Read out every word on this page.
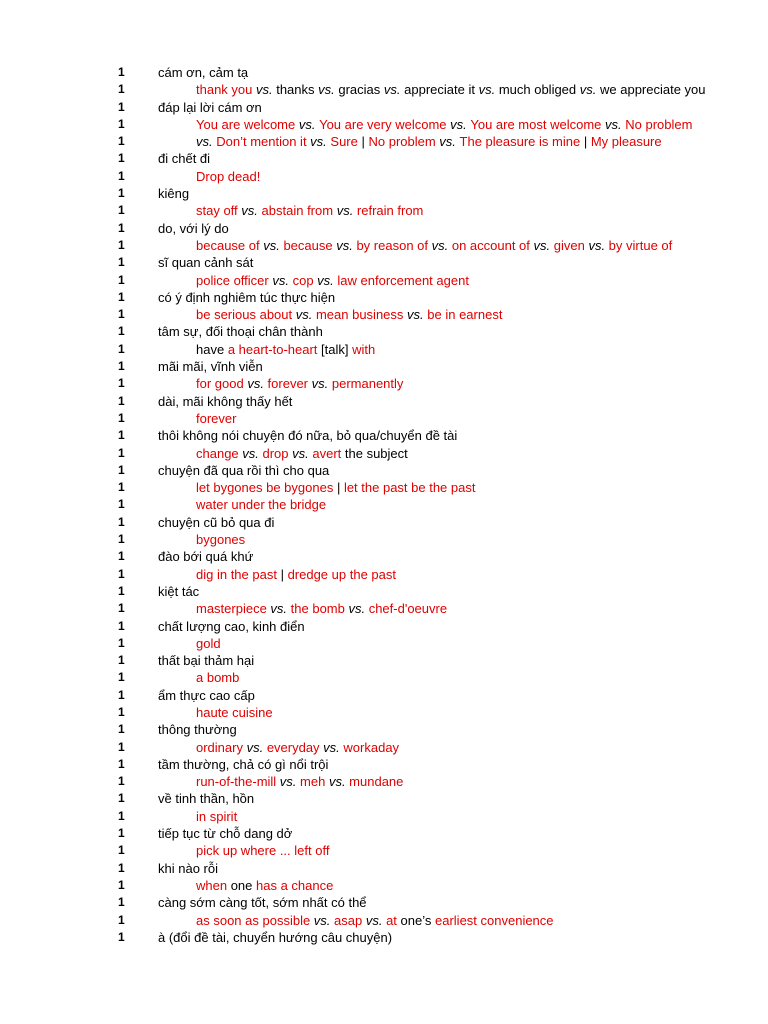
1	cám ơn, cảm tạ
1	thank you vs. thanks vs. gracias vs. appreciate it vs. much obliged vs. we appreciate you
1	đáp lại lời cám ơn
1	You are welcome vs. You are very welcome vs. You are most welcome vs. No problem
1	vs. Don’t mention it vs. Sure | No problem vs. The pleasure is mine | My pleasure
1	đi chết đi
1	Drop dead!
1	kiêng
1	stay off vs. abstain from vs. refrain from
1	do, với lý do
1	because of vs. because vs. by reason of vs. on account of vs. given vs. by virtue of
1	sĩ quan cảnh sát
1	police officer vs. cop vs. law enforcement agent
1	có ý định nghiêm túc thực hiện
1	be serious about vs. mean business vs. be in earnest
1	tâm sự, đối thoại chân thành
1	have a heart-to-heart [talk] with
1	mãi mãi, vĩnh viễn
1	for good vs. forever vs. permanently
1	dài, mãi không thấy hết
1	forever
1	thôi không nói chuyện đó nữa, bỏ qua/chuyển đề tài
1	change vs. drop vs. avert the subject
1	chuyện đã qua rồi thì cho qua
1	let bygones be bygones | let the past be the past
1	water under the bridge
1	chuyện cũ bỏ qua đi
1	bygones
1	đào bới quá khứ
1	dig in the past | dredge up the past
1	kiệt tác
1	masterpiece vs. the bomb vs. chef-d'oeuvre
1	chất lượng cao, kinh điển
1	gold
1	thất bại thảm hại
1	a bomb
1	ẩm thực cao cấp
1	haute cuisine
1	thông thường
1	ordinary vs. everyday vs. workaday
1	tầm thường, chả có gì nổi trội
1	run-of-the-mill vs. meh vs. mundane
1	về tinh thần, hồn
1	in spirit
1	tiếp tục từ chỗ dang dở
1	pick up where ... left off
1	khi nào rỗi
1	when one has a chance
1	càng sớm càng tốt, sớm nhất có thể
1	as soon as possible vs. asap vs. at one’s earliest convenience
1	à (đổi đề tài, chuyển hướng câu chuyện)
